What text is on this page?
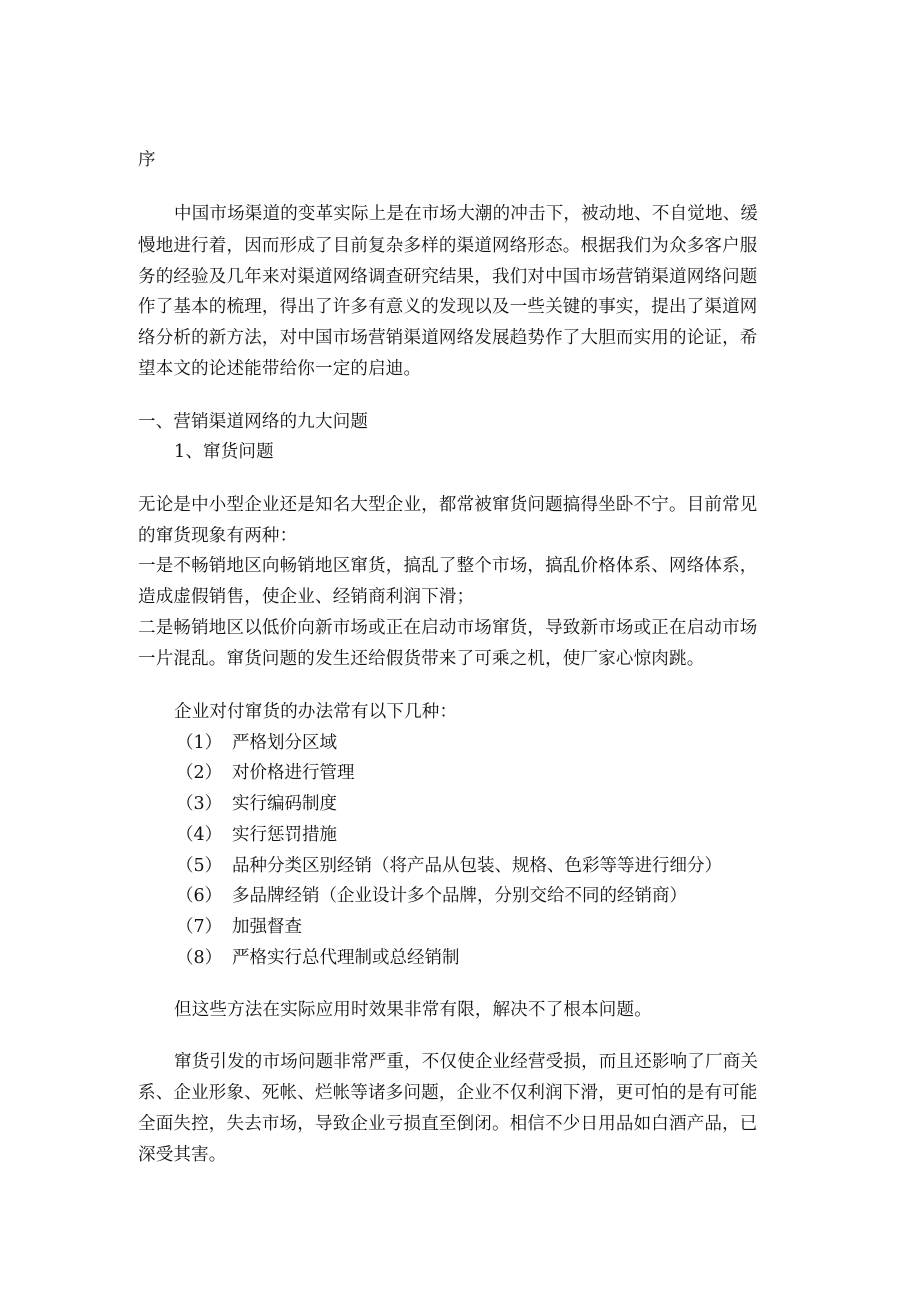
序
中国市场渠道的变革实际上是在市场大潮的冲击下，被动地、不自觉地、缓
慢地进行着，因而形成了目前复杂多样的渠道网络形态。根据我们为众多客户服
务的经验及几年来对渠道网络调查研究结果，我们对中国市场营销渠道网络问题
作了基本的梳理，得出了许多有意义的发现以及一些关键的事实，提出了渠道网
络分析的新方法，对中国市场营销渠道网络发展趋势作了大胆而实用的论证，希
望本文的论述能带给你一定的启迪。
一、营销渠道网络的九大问题
1、窜货问题
无论是中小型企业还是知名大型企业，都常被窜货问题搞得坐卧不宁。目前常见
的窜货现象有两种：
一是不畅销地区向畅销地区窜货，搞乱了整个市场，搞乱价格体系、网络体系，
造成虚假销售，使企业、经销商利润下滑；
二是畅销地区以低价向新市场或正在启动市场窜货，导致新市场或正在启动市场
一片混乱。窜货问题的发生还给假货带来了可乘之机，使厂家心惊肉跳。
企业对付窜货的办法常有以下几种：
（1） 严格划分区域
（2） 对价格进行管理
（3） 实行编码制度
（4） 实行惩罚措施
（5） 品种分类区别经销（将产品从包装、规格、色彩等等进行细分）
（6） 多品牌经销（企业设计多个品牌，分别交给不同的经销商）
（7） 加强督查
（8） 严格实行总代理制或总经销制
但这些方法在实际应用时效果非常有限，解决不了根本问题。
窜货引发的市场问题非常严重，不仅使企业经营受损，而且还影响了厂商关
系、企业形象、死帐、烂帐等诸多问题，企业不仅利润下滑，更可怕的是有可能
全面失控，失去市场，导致企业亏损直至倒闭。相信不少日用品如白酒产品，已
深受其害。
